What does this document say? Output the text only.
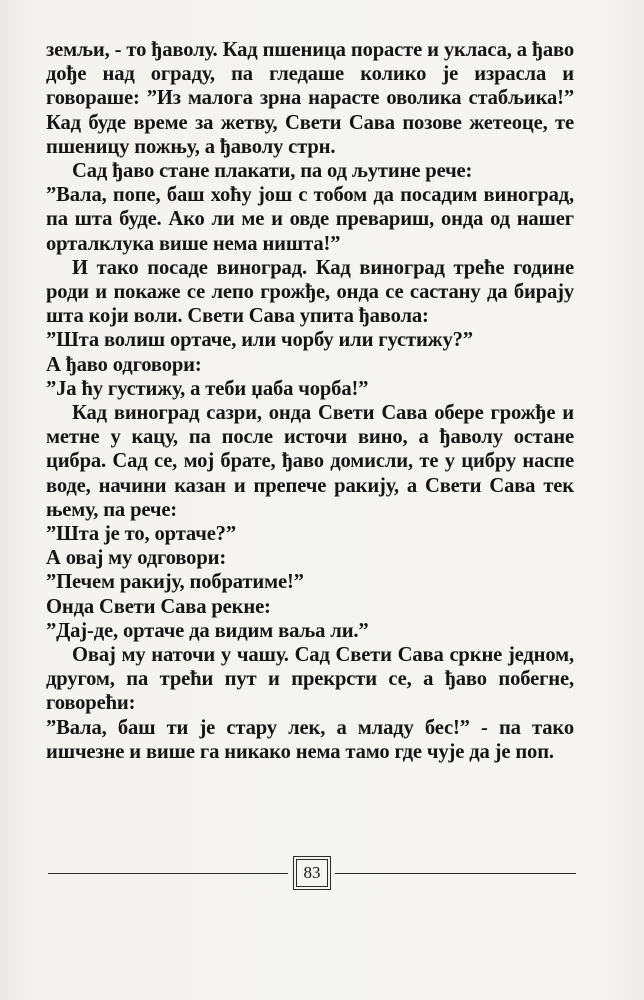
земљи, - то ђаволу. Кад пшеница порасте и укласа, а ђаво дође над ограду, па гледаше колико је израсла и говораше: ”Из малога зрна нарасте оволика стабљика!” Кад буде време за жетву, Свети Сава позове жетеоце, те пшеницу пожњу, а ђаволу стрн.

Сад ђаво стане плакати, па од љутине рече:

”Вала, попе, баш хоћу још с тобом да посадим виноград, па шта буде. Ако ли ме и овде превариш, онда од нашег орталклука више нема ништа!”

И тако посаде виноград. Кад виноград треће године роди и покаже се лепо грожђе, онда се састану да бирају шта који воли. Свети Сава упита ђавола:

”Шта волиш ортаче, или чорбу или густижу?”

А ђаво одговори:

”Ја ћу густижу, а теби џаба чорба!”

Кад виноград сазри, онда Свети Сава обере грожђе и метне у кацу, па после источи вино, а ђаволу остане цибра. Сад се, мој брате, ђаво домисли, те у цибру наспе воде, начини казан и препече ракију, а Свети Сава тек њему, па рече:

”Шта је то, ортаче?”

А овај му одговори:

”Печем ракију, побратиме!”

Онда Свети Сава рекне:

”Дај-де, ортаче да видим ваља ли.”

Овај му наточи у чашу. Сад Свети Сава сркне једном, другом, па трећи пут и прекрсти се, а ђаво побегне, говорећи:

”Вала, баш ти је стару лек, а младу бес!” - па тако ишчезне и више га никако нема тамо где чује да је поп.

83
